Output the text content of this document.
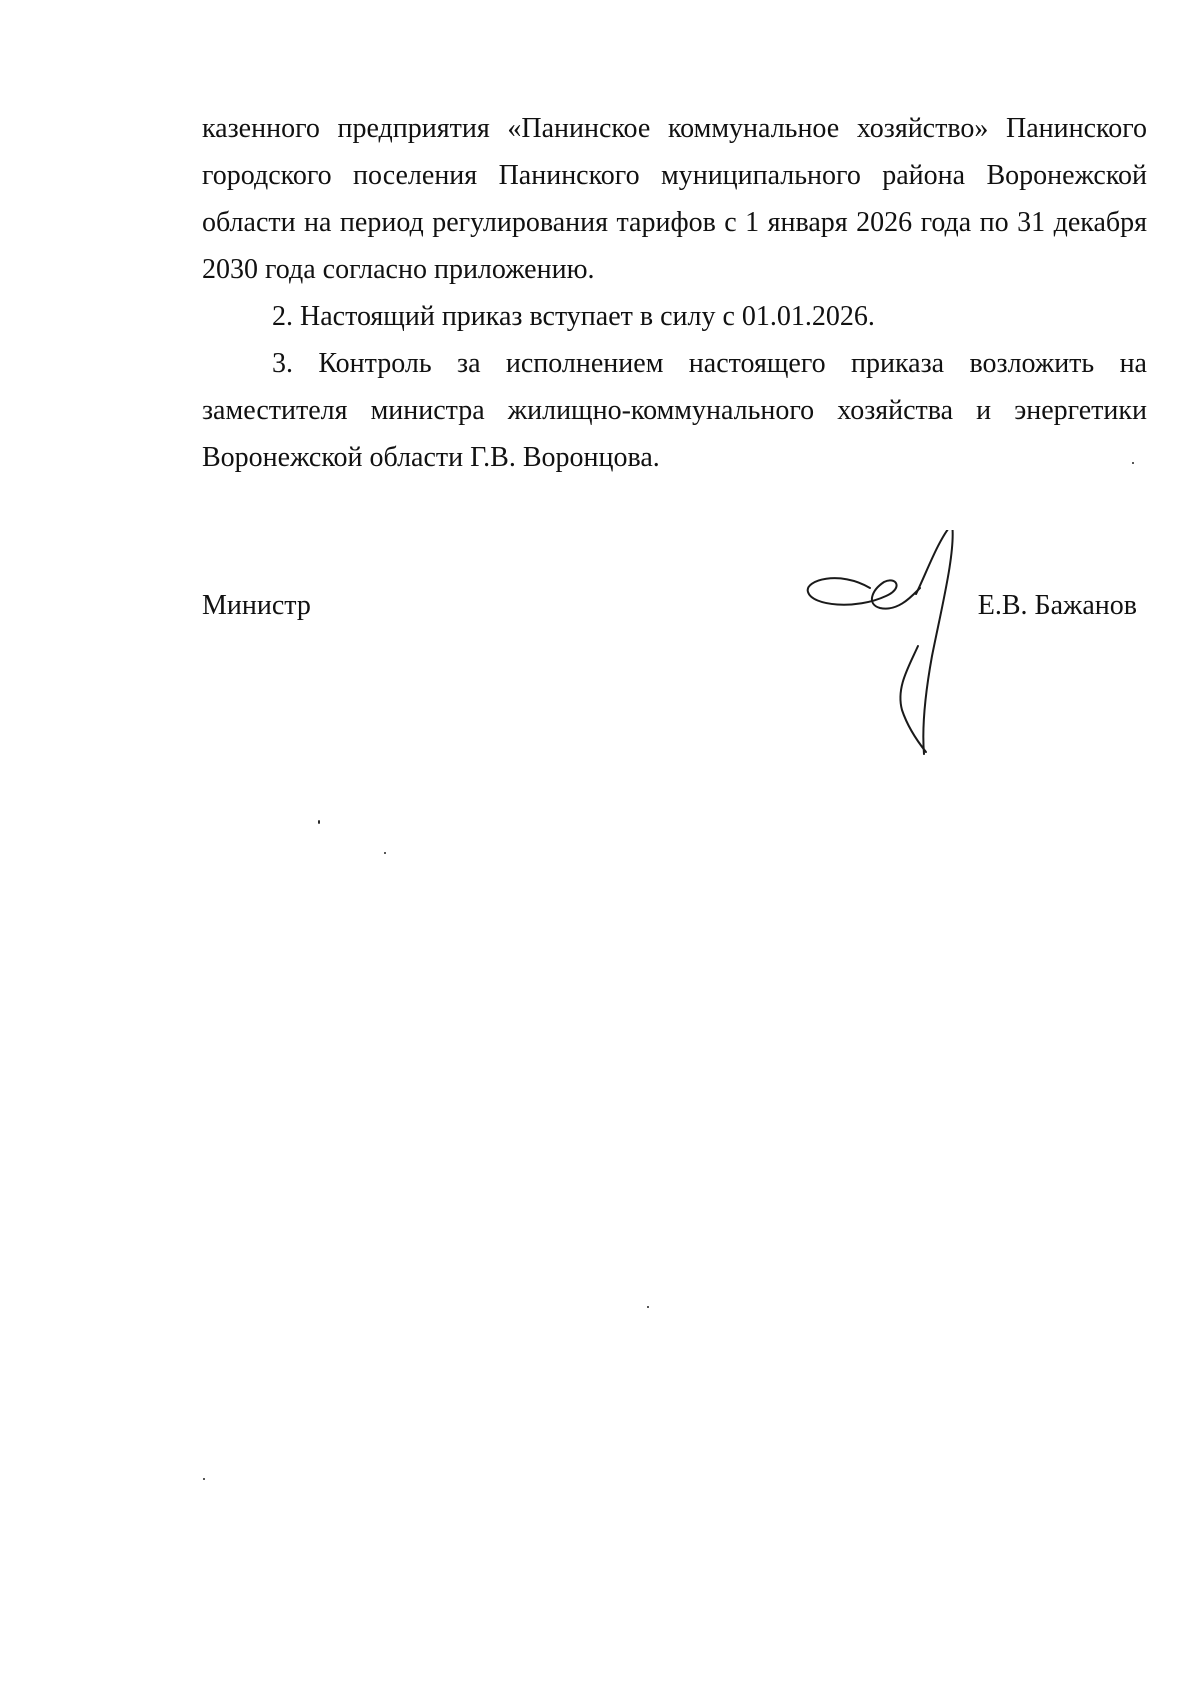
казенного предприятия «Панинское коммунальное хозяйство» Панинского городского поселения Панинского муниципального района Воронежской области на период регулирования тарифов с 1 января 2026 года по 31 декабря 2030 года согласно приложению.

2. Настоящий приказ вступает в силу с 01.01.2026.

3. Контроль за исполнением настоящего приказа возложить на заместителя министра жилищно-коммунального хозяйства и энергетики Воронежской области Г.В. Воронцова.

Министр	Е.В. Бажанов
